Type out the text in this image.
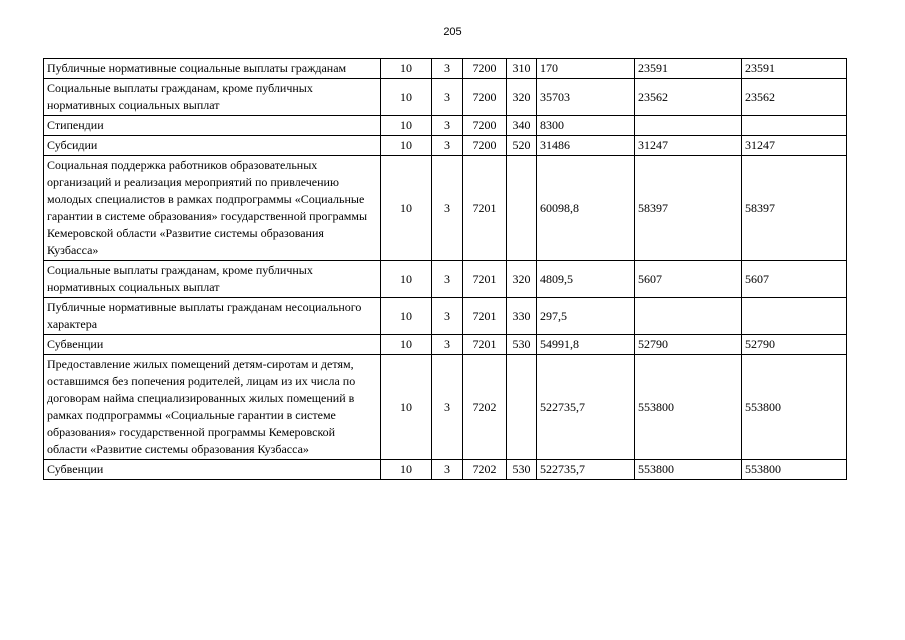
205
Публичные нормативные социальные выплаты гражданам	10	3	7200	310	170	23591	23591
Социальные выплаты гражданам, кроме публичных нормативных социальных выплат	10	3	7200	320	35703	23562	23562
Стипендии	10	3	7200	340	8300		
Субсидии	10	3	7200	520	31486	31247	31247
Социальная поддержка работников образовательных организаций и реализация мероприятий по привлечению молодых специалистов в рамках подпрограммы «Социальные гарантии в системе образования» государственной программы Кемеровской области «Развитие системы образования Кузбасса»	10	3	7201		60098,8	58397	58397
Социальные выплаты гражданам, кроме публичных нормативных социальных выплат	10	3	7201	320	4809,5	5607	5607
Публичные нормативные выплаты гражданам несоциального характера	10	3	7201	330	297,5		
Субвенции	10	3	7201	530	54991,8	52790	52790
Предоставление жилых помещений детям-сиротам и детям, оставшимся без попечения родителей, лицам из их числа по договорам найма специализированных жилых помещений в рамках подпрограммы «Социальные гарантии в системе образования» государственной программы Кемеровской области «Развитие системы образования Кузбасса»	10	3	7202		522735,7	553800	553800
Субвенции	10	3	7202	530	522735,7	553800	553800
